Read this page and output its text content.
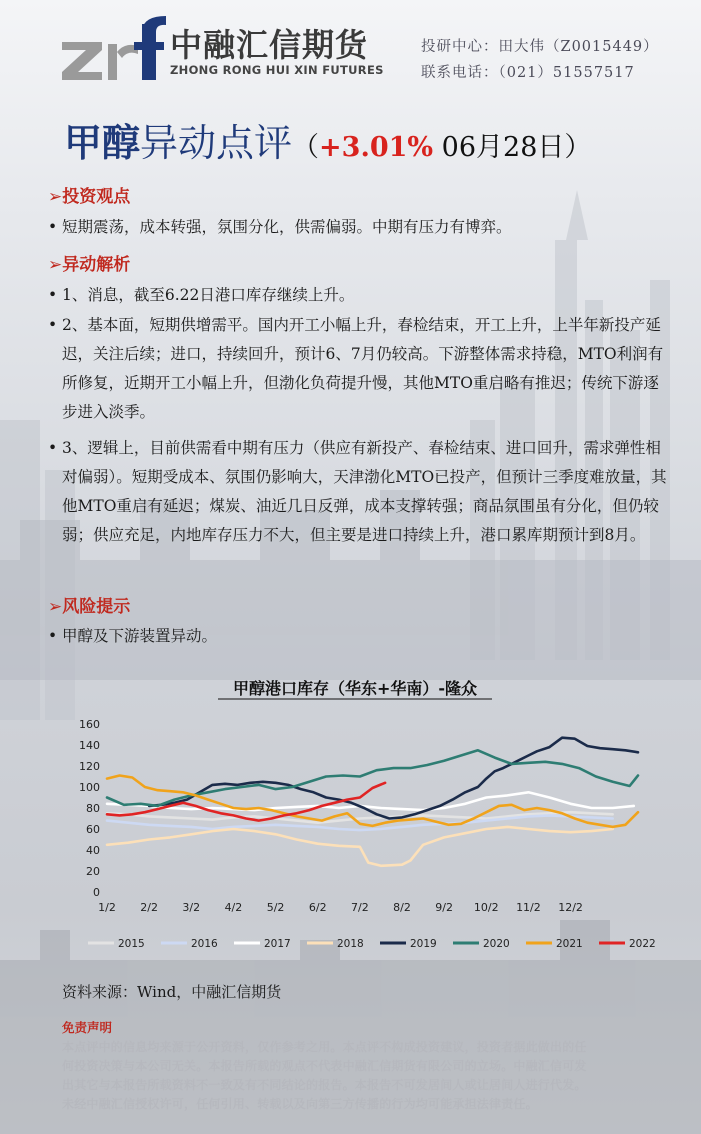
中融汇信期货
ZHONG RONG HUI XIN FUTURES
投研中心：田大伟（Z0015449）
联系电话：（021）51557517
甲醇异动点评（+3.01% 06月28日）
➢投资观点
• 短期震荡，成本转强，氛围分化，供需偏弱。中期有压力有博弈。
➢异动解析
• 1、消息，截至6.22日港口库存继续上升。
• 2、基本面，短期供增需平。国内开工小幅上升，春检结束，开工上升，上半年新投产延迟，关注后续；进口，持续回升，预计6、7月仍较高。下游整体需求持稳，MTO利润有所修复，近期开工小幅上升，但渤化负荷提升慢，其他MTO重启略有推迟；传统下游逐步进入淡季。
• 3、逻辑上，目前供需看中期有压力（供应有新投产、春检结束、进口回升，需求弹性相对偏弱）。短期受成本、氛围仍影响大，天津渤化MTO已投产，但预计三季度难放量，其他MTO重启有延迟；煤炭、油近几日反弹，成本支撑转强；商品氛围虽有分化，但仍较弱；供应充足，内地库存压力不大，但主要是进口持续上升，港口累库期预计到8月。
➢风险提示
• 甲醇及下游装置异动。
甲醇港口库存（华东+华南）-隆众
0
20
40
60
80
100
120
140
160
1/2 2/2 3/2 4/2 5/2 6/2 7/2 8/2 9/2 10/2 11/2 12/2
2015	2016	2017	2018	2019	2020	2021	2022
资料来源：Wind，中融汇信期货
免责声明
本点评中的信息均来源于公开资料，仅作参考之用。本点评不构成投资建议，投资者据此做出的任
何投资决策与本公司无关。本报告所载的观点不代表中融汇信期货有限公司的立场。中融汇信可发
出其它与本报告所载资料不一致及有不同结论的报告。本报告不可发居间人或让居间人进行代发。
未经中融汇信授权许可，任何引用、转载以及向第三方传播的行为均可能承担法律责任。
